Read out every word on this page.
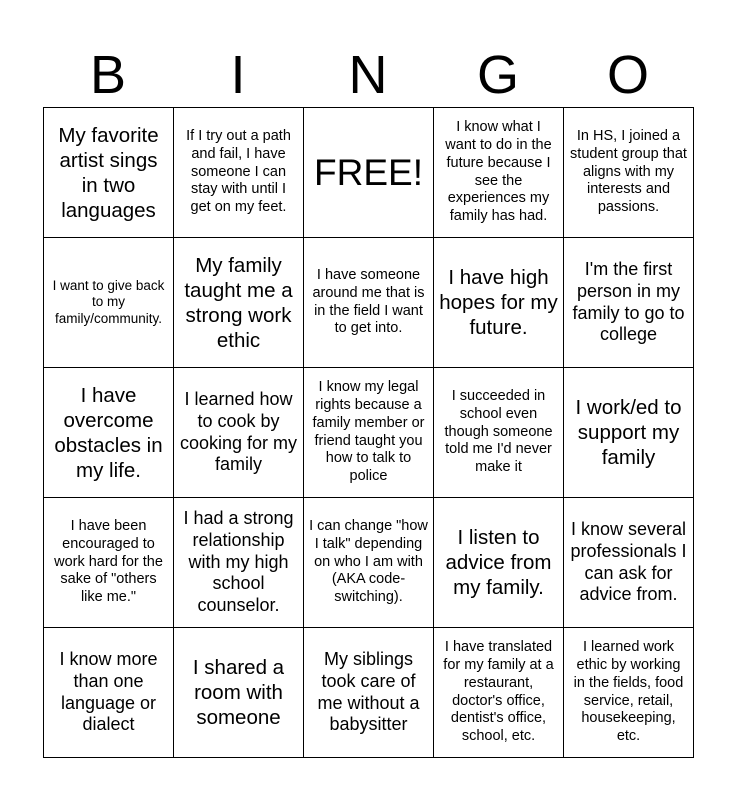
B	I	N	G	O
My favorite artist sings in two languages	If I try out a path and fail, I have someone I can stay with until I get on my feet.	FREE!	I know what I want to do in the future because I see the experiences my family has had.	In HS, I joined a student group that aligns with my interests and passions.
I want to give back to my family/community.	My family taught me a strong work ethic	I have someone around me that is in the field I want to get into.	I have high hopes for my future.	I'm the first person in my family to go to college
I have overcome obstacles in my life.	I learned how to cook by cooking for my family	I know my legal rights because a family member or friend taught you how to talk to police	I succeeded in school even though someone told me I'd never make it	I work/ed to support my family
I have been encouraged to work hard for the sake of "others like me."	I had a strong relationship with my high school counselor.	I can change "how I talk" depending on who I am with (AKA code-switching).	I listen to advice from my family.	I know several professionals I can ask for advice from.
I know more than one language or dialect	I shared a room with someone	My siblings took care of me without a babysitter	I have translated for my family at a restaurant, doctor's office, dentist's office, school, etc.	I learned work ethic by working in the fields, food service, retail, housekeeping, etc.
